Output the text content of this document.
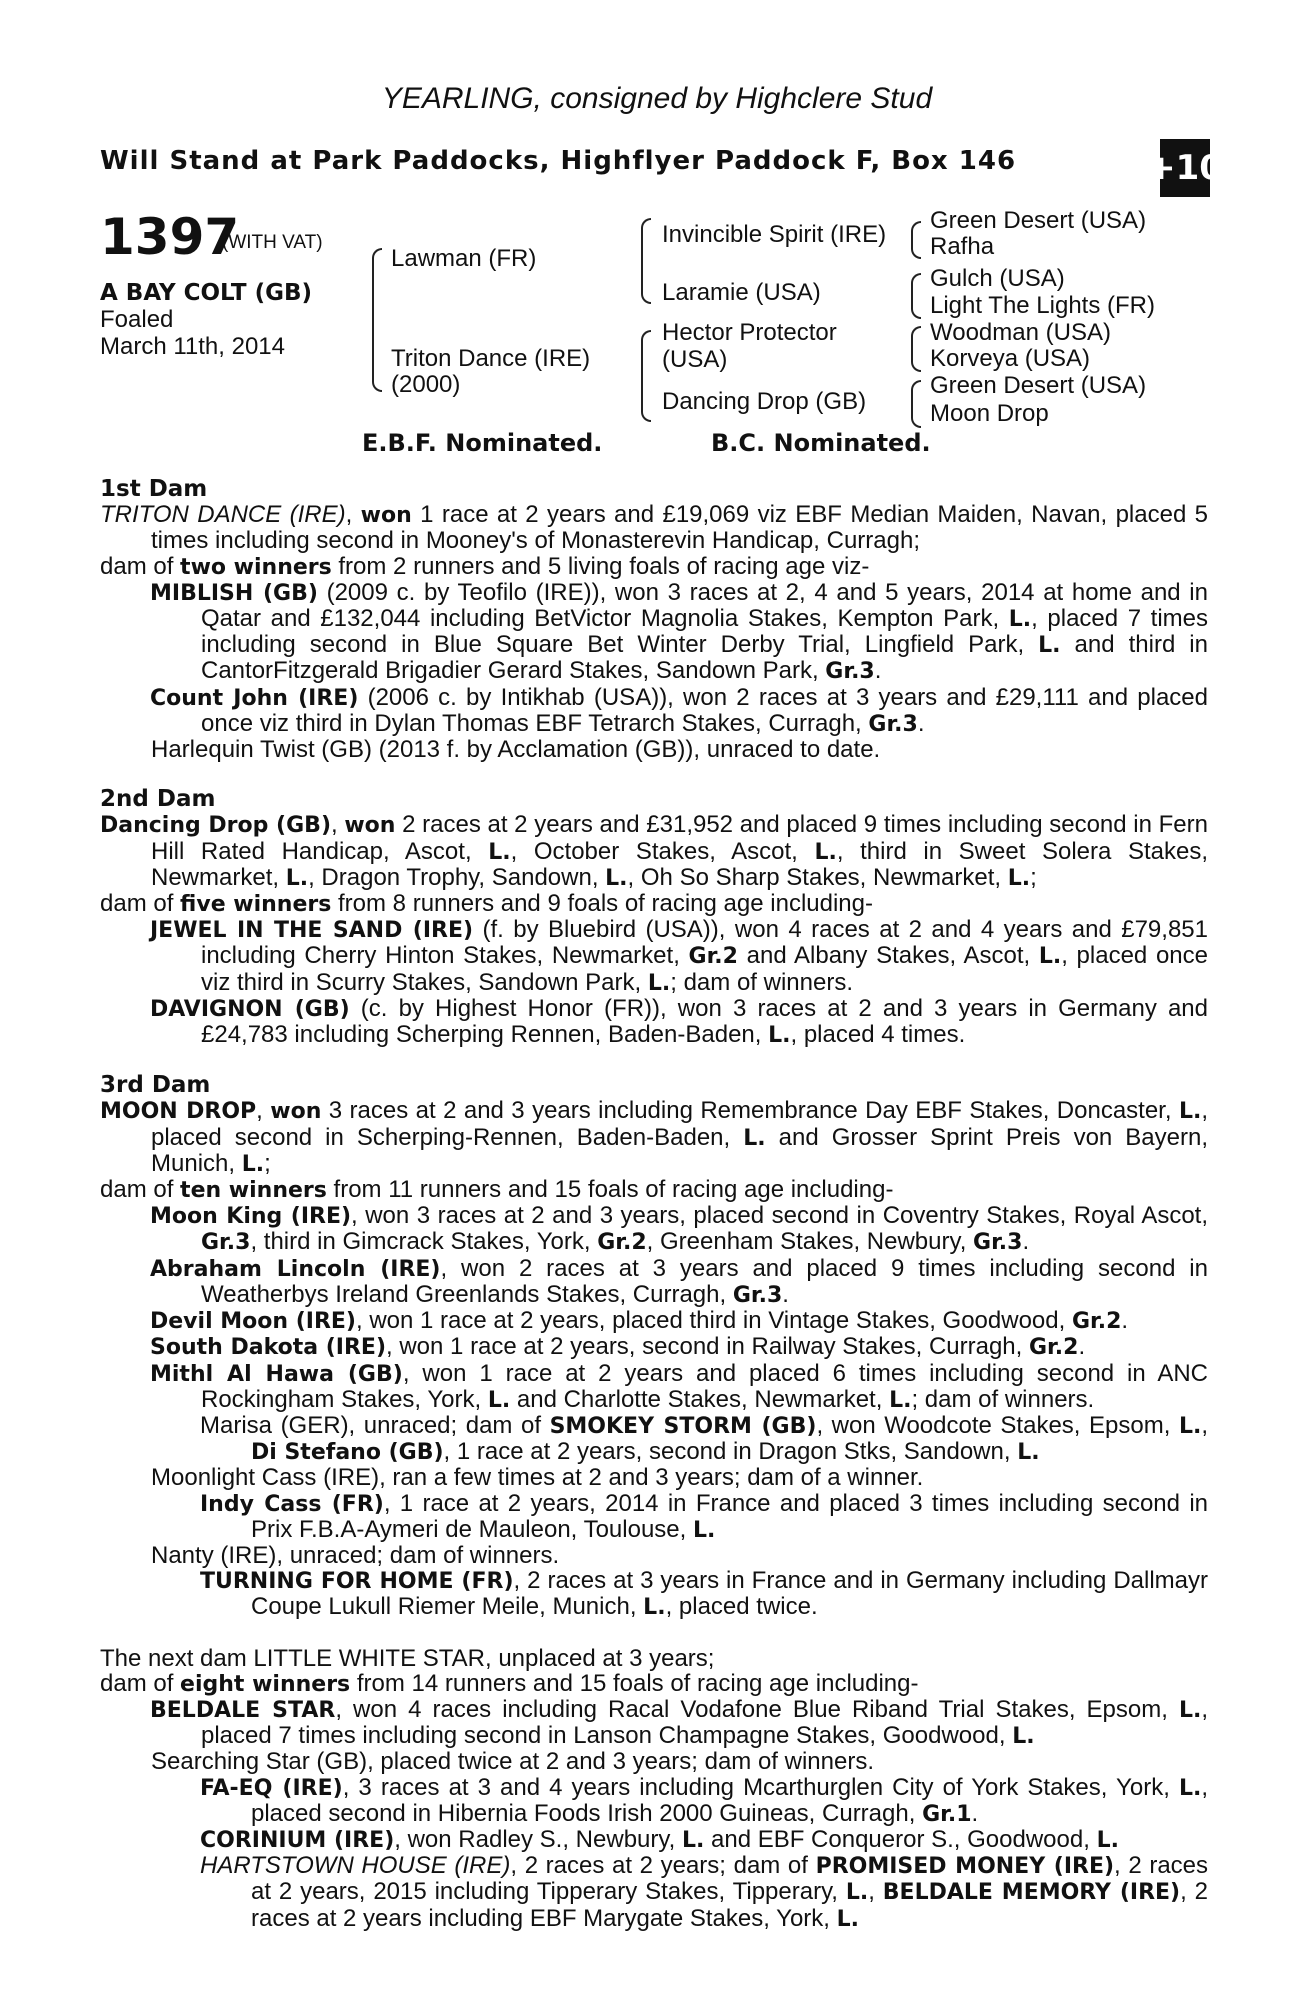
YEARLING, consigned by Highclere Stud
Will Stand at Park Paddocks, Highflyer Paddock F, Box 146	+10
1397
(WITH VAT)
A BAY COLT (GB)
Foaled
March 11th, 2014
Lawman (FR)
Triton Dance (IRE)
(2000)
Invincible Spirit (IRE)
Laramie (USA)
Hector Protector
(USA)
Dancing Drop (GB)
Green Desert (USA)
Rafha
Gulch (USA)
Light The Lights (FR)
Woodman (USA)
Korveya (USA)
Green Desert (USA)
Moon Drop
E.B.F. Nominated.	B.C. Nominated.
1st Dam
TRITON DANCE (IRE), won 1 race at 2 years and £19,069 viz EBF Median Maiden, Navan, placed 5 times including second in Mooney's of Monasterevin Handicap, Curragh;
dam of two winners from 2 runners and 5 living foals of racing age viz-
MIBLISH (GB) (2009 c. by Teofilo (IRE)), won 3 races at 2, 4 and 5 years, 2014 at home and in Qatar and £132,044 including BetVictor Magnolia Stakes, Kempton Park, L., placed 7 times including second in Blue Square Bet Winter Derby Trial, Lingfield Park, L. and third in CantorFitzgerald Brigadier Gerard Stakes, Sandown Park, Gr.3.
Count John (IRE) (2006 c. by Intikhab (USA)), won 2 races at 3 years and £29,111 and placed once viz third in Dylan Thomas EBF Tetrarch Stakes, Curragh, Gr.3.
Harlequin Twist (GB) (2013 f. by Acclamation (GB)), unraced to date.
2nd Dam
Dancing Drop (GB), won 2 races at 2 years and £31,952 and placed 9 times including second in Fern Hill Rated Handicap, Ascot, L., October Stakes, Ascot, L., third in Sweet Solera Stakes, Newmarket, L., Dragon Trophy, Sandown, L., Oh So Sharp Stakes, Newmarket, L.;
dam of five winners from 8 runners and 9 foals of racing age including-
JEWEL IN THE SAND (IRE) (f. by Bluebird (USA)), won 4 races at 2 and 4 years and £79,851 including Cherry Hinton Stakes, Newmarket, Gr.2 and Albany Stakes, Ascot, L., placed once viz third in Scurry Stakes, Sandown Park, L.; dam of winners.
DAVIGNON (GB) (c. by Highest Honor (FR)), won 3 races at 2 and 3 years in Germany and £24,783 including Scherping Rennen, Baden-Baden, L., placed 4 times.
3rd Dam
MOON DROP, won 3 races at 2 and 3 years including Remembrance Day EBF Stakes, Doncaster, L., placed second in Scherping-Rennen, Baden-Baden, L. and Grosser Sprint Preis von Bayern, Munich, L.;
dam of ten winners from 11 runners and 15 foals of racing age including-
Moon King (IRE), won 3 races at 2 and 3 years, placed second in Coventry Stakes, Royal Ascot, Gr.3, third in Gimcrack Stakes, York, Gr.2, Greenham Stakes, Newbury, Gr.3.
Abraham Lincoln (IRE), won 2 races at 3 years and placed 9 times including second in Weatherbys Ireland Greenlands Stakes, Curragh, Gr.3.
Devil Moon (IRE), won 1 race at 2 years, placed third in Vintage Stakes, Goodwood, Gr.2.
South Dakota (IRE), won 1 race at 2 years, second in Railway Stakes, Curragh, Gr.2.
Mithl Al Hawa (GB), won 1 race at 2 years and placed 6 times including second in ANC Rockingham Stakes, York, L. and Charlotte Stakes, Newmarket, L.; dam of winners.
Marisa (GER), unraced; dam of SMOKEY STORM (GB), won Woodcote Stakes, Epsom, L., Di Stefano (GB), 1 race at 2 years, second in Dragon Stks, Sandown, L.
Moonlight Cass (IRE), ran a few times at 2 and 3 years; dam of a winner.
Indy Cass (FR), 1 race at 2 years, 2014 in France and placed 3 times including second in Prix F.B.A-Aymeri de Mauleon, Toulouse, L.
Nanty (IRE), unraced; dam of winners.
TURNING FOR HOME (FR), 2 races at 3 years in France and in Germany including Dallmayr Coupe Lukull Riemer Meile, Munich, L., placed twice.
The next dam LITTLE WHITE STAR, unplaced at 3 years;
dam of eight winners from 14 runners and 15 foals of racing age including-
BELDALE STAR, won 4 races including Racal Vodafone Blue Riband Trial Stakes, Epsom, L., placed 7 times including second in Lanson Champagne Stakes, Goodwood, L.
Searching Star (GB), placed twice at 2 and 3 years; dam of winners.
FA-EQ (IRE), 3 races at 3 and 4 years including Mcarthurglen City of York Stakes, York, L., placed second in Hibernia Foods Irish 2000 Guineas, Curragh, Gr.1.
CORINIUM (IRE), won Radley S., Newbury, L. and EBF Conqueror S., Goodwood, L.
HARTSTOWN HOUSE (IRE), 2 races at 2 years; dam of PROMISED MONEY (IRE), 2 races at 2 years, 2015 including Tipperary Stakes, Tipperary, L., BELDALE MEMORY (IRE), 2 races at 2 years including EBF Marygate Stakes, York, L.
